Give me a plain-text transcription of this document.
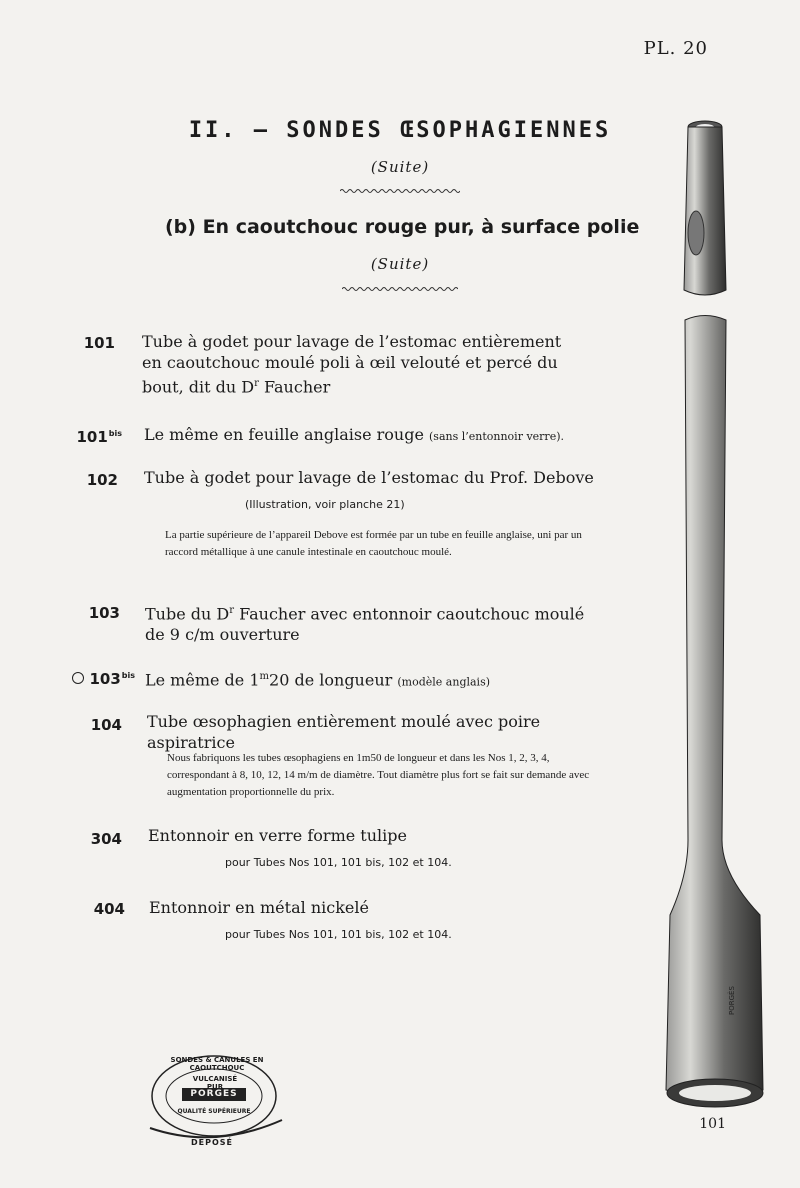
PL. 20
II. — SONDES ŒSOPHAGIENNES
(Suite)
(b) En caoutchouc rouge pur, à surface polie
(Suite)
101 Tube à godet pour lavage de l’estomac entièrement en caoutchouc moulé poli à œil velouté et percé du bout, dit du $D^r$ Faucher
$101^{bis}$ Le même en feuille anglaise rouge (sans l’entonnoir verre).
102 Tube à godet pour lavage de l’estomac du Prof. Debove
(Illustration, voir planche 21)
La partie supérieure de l’appareil Debove est formée par un tube en feuille anglaise, uni par un raccord métallique à une canule intestinale en caoutchouc moulé.
103 Tube du $D^r$ Faucher avec entonnoir caoutchouc moulé de 9 c/m ouverture
$103^{bis}$ Le même de 1$^m$20 de longueur (modèle anglais)
104 Tube œsophagien entièrement moulé avec poire aspiratrice
Nous fabriquons les tubes œsophagiens en 1m50 de longueur et dans les Nos 1, 2, 3, 4, correspondant à 8, 10, 12, 14 m/m de diamètre. Tout diamètre plus fort se fait sur demande avec augmentation proportionnelle du prix.
304 Entonnoir en verre forme tulipe
pour Tubes Nos 101, 101 bis, 102 et 104.
404 Entonnoir en métal nickelé
pour Tubes Nos 101, 101 bis, 102 et 104.
SONDES & CANULES EN CAOUTCHOUC
VULCANISÉ PUR
PORGES
QUALITÉ SUPÉRIEURE
DEPOSÉ
PORGÈS
101
